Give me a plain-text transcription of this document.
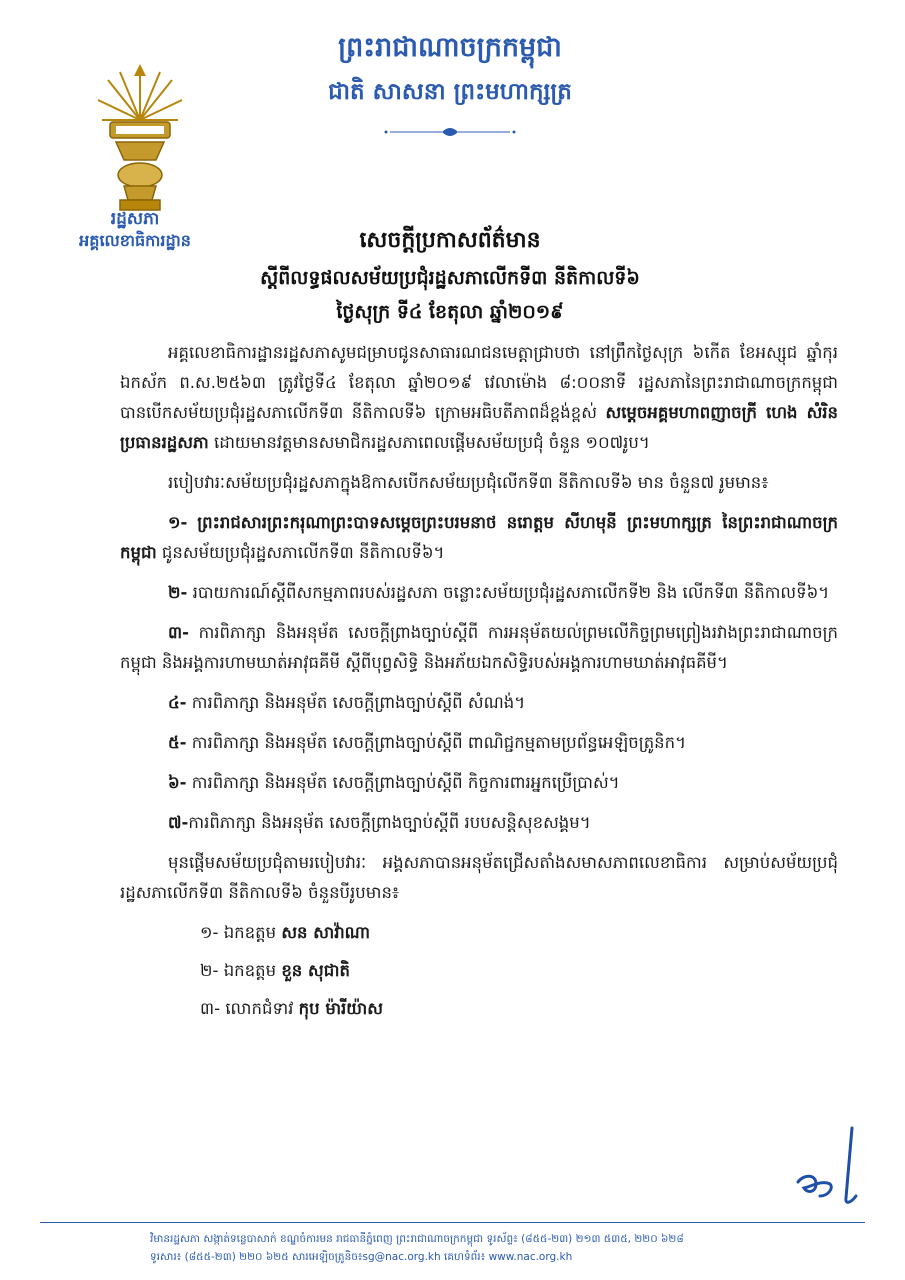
ព្រះរាជាណាចក្រកម្ពុជា
ជាតិ សាសនា ព្រះមហាក្សត្រ
រដ្ឋសភា
អគ្គលេខាធិការដ្ឋាន	សេចក្តីប្រកាសព័ត៌មាន
ស្តីពីលទ្ធផលសម័យប្រជុំរដ្ឋសភាលើកទី៣ នីតិកាលទី៦
ថ្ងៃសុក្រ ទី៤ ខែតុលា ឆ្នាំ២០១៩

អគ្គលេខាធិការដ្ឋានរដ្ឋសភាសូមជម្រាបជូនសាធារណជនមេត្តាជ្រាបថា នៅព្រឹកថ្ងៃសុក្រ ៦កើត ខែអស្សុជ ឆ្នាំកុរ ឯកស័ក ព.ស.២៥៦៣ ត្រូវថ្ងៃទី៤ ខែតុលា ឆ្នាំ២០១៩ វេលាម៉ោង ៨:០០នាទី រដ្ឋសភានៃព្រះរាជាណាចក្រកម្ពុជា បានបើកសម័យប្រជុំរដ្ឋសភាលើកទី៣ នីតិកាលទី៦ ក្រោមអធិបតីភាពដ៏ខ្ពង់ខ្ពស់ សម្តេចអគ្គមហាពញាចក្រី ហេង សំរិន ប្រធានរដ្ឋសភា ដោយមានវត្តមានសមាជិករដ្ឋសភាពេលផ្តើមសម័យប្រជុំ ចំនួន ១០៧រូប។

របៀបវារៈសម័យប្រជុំរដ្ឋសភាក្នុងឱកាសបើកសម័យប្រជុំលើកទី៣ នីតិកាលទី៦ មាន ចំនួន៧ រូមមាន៖

១- ព្រះរាជសារព្រះករុណាព្រះបាទសម្តេចព្រះបរមនាថ នរោត្តម សីហមុនី ព្រះមហាក្សត្រ នៃព្រះរាជាណាចក្រកម្ពុជា ជូនសម័យប្រជុំរដ្ឋសភាលើកទី៣ នីតិកាលទី៦។

២- របាយការណ៍ស្តីពីសកម្មភាពរបស់រដ្ឋសភា ចន្លោះសម័យប្រជុំរដ្ឋសភាលើកទី២ និង លើកទី៣ នីតិកាលទី៦។

៣- ការពិភាក្សា និងអនុម័ត សេចក្តីព្រាងច្បាប់ស្តីពី ការអនុម័តយល់ព្រមលើកិច្ចព្រមព្រៀងរវាងព្រះរាជាណាចក្រកម្ពុជា និងអង្គការហាមឃាត់អាវុធគីមី ស្តីពីបុព្វសិទ្ធិ និងអភ័យឯកសិទ្ធិរបស់អង្គការហាមឃាត់អាវុធគីមី។

៤- ការពិភាក្សា និងអនុម័ត សេចក្តីព្រាងច្បាប់ស្តីពី សំណង់។

៥- ការពិភាក្សា និងអនុម័ត សេចក្តីព្រាងច្បាប់ស្តីពី ពាណិជ្ជកម្មតាមប្រព័ន្ធអេឡិចត្រូនិក។

៦- ការពិភាក្សា និងអនុម័ត សេចក្តីព្រាងច្បាប់ស្តីពី កិច្ចការពារអ្នកប្រើប្រាស់។

៧-ការពិភាក្សា និងអនុម័ត សេចក្តីព្រាងច្បាប់ស្តីពី របបសន្តិសុខសង្គម។

មុនផ្តើមសម័យប្រជុំតាមរបៀបវារៈ អង្គសភាបានអនុម័តជ្រើសតាំងសមាសភាពលេខាធិការ សម្រាប់សម័យប្រជុំរដ្ឋសភាលើកទី៣ នីតិកាលទី៦ ចំនួនបីរូបមាន៖

១- ឯកឧត្តម សន សាវ៉ាណា

២- ឯកឧត្តម ខួន សុជាតិ

៣- លោកជំទាវ កុប ម៉ារីយ៉ាស

វិមានរដ្ឋសភា សង្កាត់ទន្លេបាសាក់ ខណ្ឌចំការមន រាជធានីភ្នំពេញ ព្រះរាជាណាចក្រកម្ពុជា ទូរស័ព្ទ៖ (៨៥៥-២៣) ២១៣ ៥៣៥, ២២០ ៦២៨
ទូរសារ៖ (៨៥៥-២៣) ២២០ ៦២៥ សារអេឡិចត្រូនិច៖sg@nac.org.kh គេហទំព័រ៖ www.nac.org.kh
